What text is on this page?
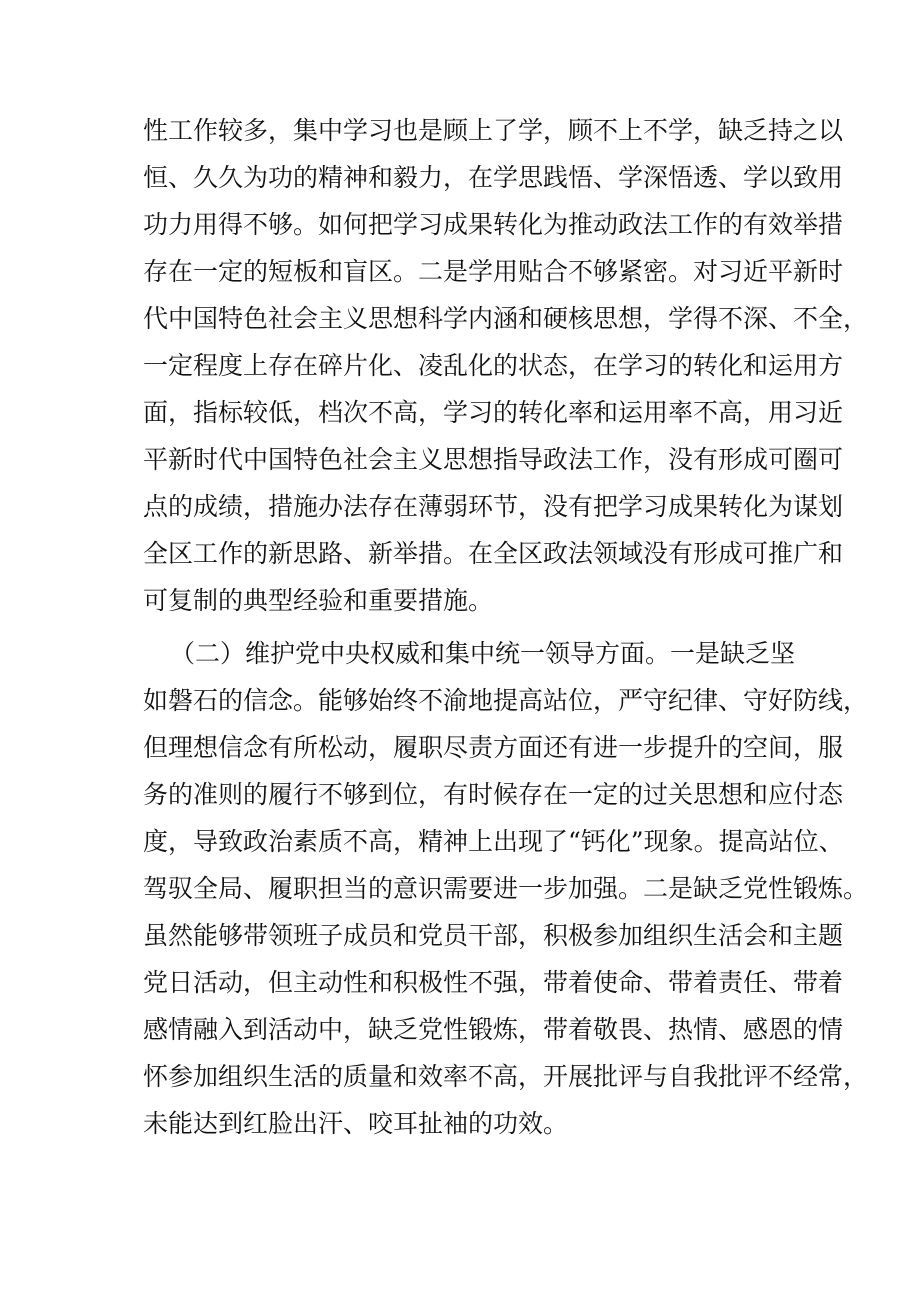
性工作较多，集中学习也是顾上了学，顾不上不学，缺乏持之以
恒、久久为功的精神和毅力，在学思践悟、学深悟透、学以致用
功力用得不够。如何把学习成果转化为推动政法工作的有效举措
存在一定的短板和盲区。二是学用贴合不够紧密。对习近平新时
代中国特色社会主义思想科学内涵和硬核思想，学得不深、不全，
一定程度上存在碎片化、凌乱化的状态，在学习的转化和运用方
面，指标较低，档次不高，学习的转化率和运用率不高，用习近
平新时代中国特色社会主义思想指导政法工作，没有形成可圈可
点的成绩，措施办法存在薄弱环节，没有把学习成果转化为谋划
全区工作的新思路、新举措。在全区政法领域没有形成可推广和
可复制的典型经验和重要措施。
（二）维护党中央权威和集中统一领导方面。一是缺乏坚
如磐石的信念。能够始终不渝地提高站位，严守纪律、守好防线，
但理想信念有所松动，履职尽责方面还有进一步提升的空间，服
务的准则的履行不够到位，有时候存在一定的过关思想和应付态
度，导致政治素质不高，精神上出现了“钙化”现象。提高站位、
驾驭全局、履职担当的意识需要进一步加强。二是缺乏党性锻炼。
虽然能够带领班子成员和党员干部，积极参加组织生活会和主题
党日活动，但主动性和积极性不强，带着使命、带着责任、带着
感情融入到活动中，缺乏党性锻炼，带着敬畏、热情、感恩的情
怀参加组织生活的质量和效率不高，开展批评与自我批评不经常，
未能达到红脸出汗、咬耳扯袖的功效。
